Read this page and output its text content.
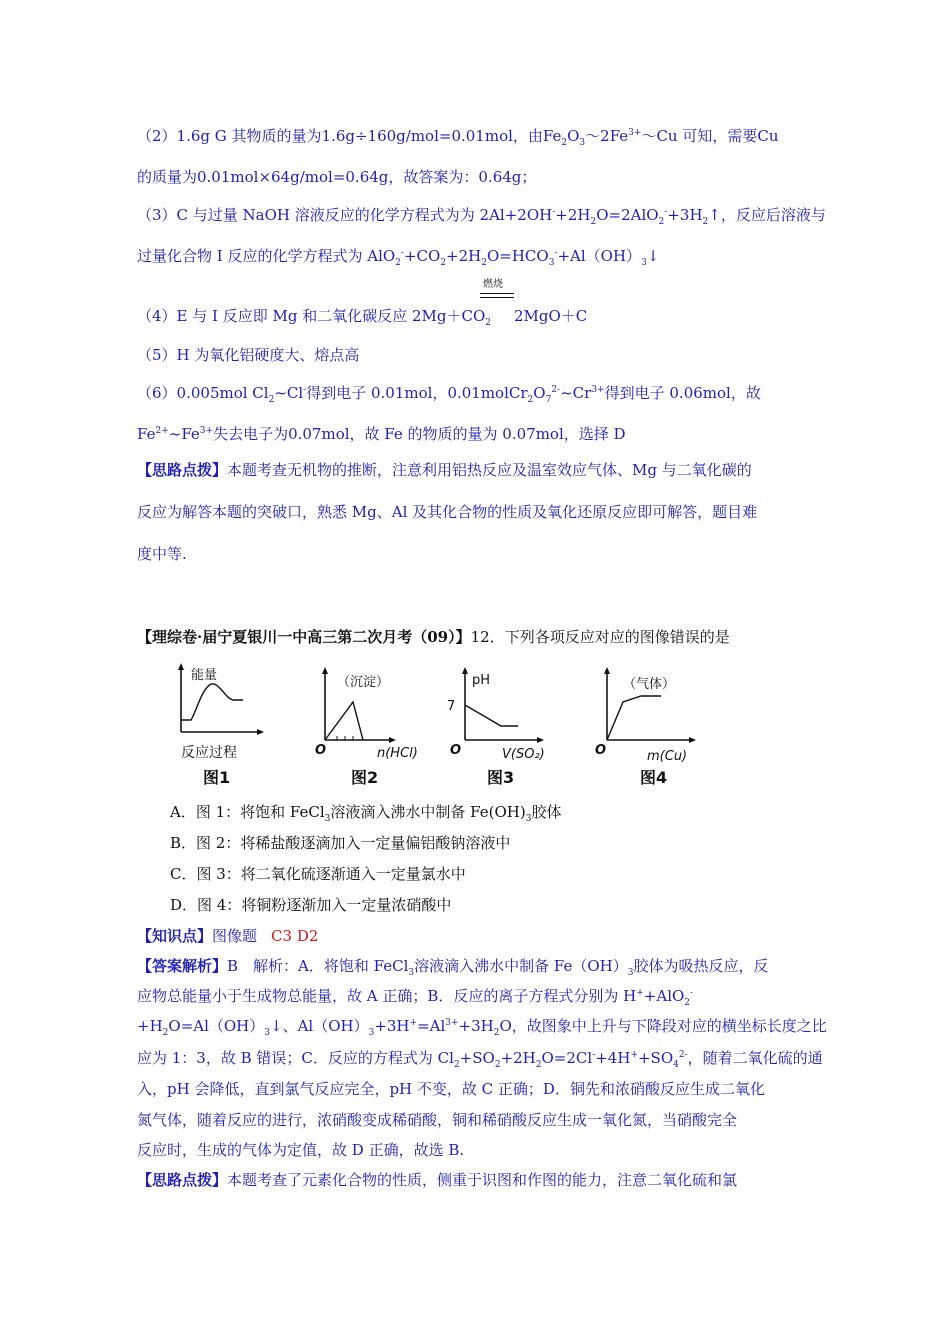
（2）1.6g G 其物质的量为1.6g÷160g/mol=0.01mol，由$Fe_2O_3\sim 2Fe^{3+}\sim Cu$ 可知，需要Cu
的质量为0.01mol×64g/mol=0.64g，故答案为：0.64g；
（3）C 与过量 NaOH 溶液反应的化学方程式为为 $2Al+2OH^-+2H_2O=2AlO_2^-+3H_2↑$，反应后溶液与
过量化合物 I 反应的化学方程式为 $AlO_2^-+CO_2+2H_2O=HCO_3^-+Al(OH)_3↓$
燃烧
（4）E 与 I 反应即 Mg 和二氧化碳反应 $2Mg+CO_2$ 2MgO＋C
（5）H 为氧化铝硬度大、熔点高
（6）0.005mol $Cl_2\sim Cl^-$得到电子 0.01mol，$0.01molCr_2O_7^{2-}\sim Cr^{3+}$得到电子 0.06mol，故
$Fe^{2+}\sim Fe^{3+}$失去电子为0.07mol，故 Fe 的物质的量为 0.07mol，选择 D
【思路点拨】本题考查无机物的推断，注意利用铝热反应及温室效应气体、Mg 与二氧化碳的
反应为解答本题的突破口，熟悉 Mg、Al 及其化合物的性质及氧化还原反应即可解答，题目难
度中等.
【理综卷·届宁夏银川一中高三第二次月考（09）】12．下列各项反应对应的图像错误的是
能量
反应过程
图1
（沉淀）
O	n(HCl)
图2
pH
7
O	V(SO₂)
图3
（气体）
O	m(Cu)
图4
A．图 1：将饱和 FeCl$_3$溶液滴入沸水中制备 $Fe(OH)_3$胶体
B．图 2：将稀盐酸逐滴加入一定量偏铝酸钠溶液中
C．图 3：将二氧化硫逐渐通入一定量氯水中
D．图 4：将铜粉逐渐加入一定量浓硝酸中
【知识点】图像题 C3 D2
【答案解析】B　解析：A．将饱和 FeCl$_3$溶液滴入沸水中制备 $Fe(OH)_3$胶体为吸热反应，反
应物总能量小于生成物总能量，故 A 正确；B．反应的离子方程式分别为 H++AlO$_2$-
$+H_2O=Al(OH)_3↓$、$Al(OH)_3+3H^+=Al^{3+}+3H_2O$，故图象中上升与下降段对应的横坐标长度之比
应为 1：3，故 B 错误；C．反应的方程式为 $Cl_2+SO_2+2H_2O=2Cl^-+4H^++SO_4^{2-}$，随着二氧化硫的通
入，pH 会降低，直到氯气反应完全，pH 不变，故 C 正确；D．铜先和浓硝酸反应生成二氧化
氮气体，随着反应的进行，浓硝酸变成稀硝酸，铜和稀硝酸反应生成一氧化氮，当硝酸完全
反应时，生成的气体为定值，故 D 正确，故选 B.
【思路点拨】本题考查了元素化合物的性质，侧重于识图和作图的能力，注意二氧化硫和氯
